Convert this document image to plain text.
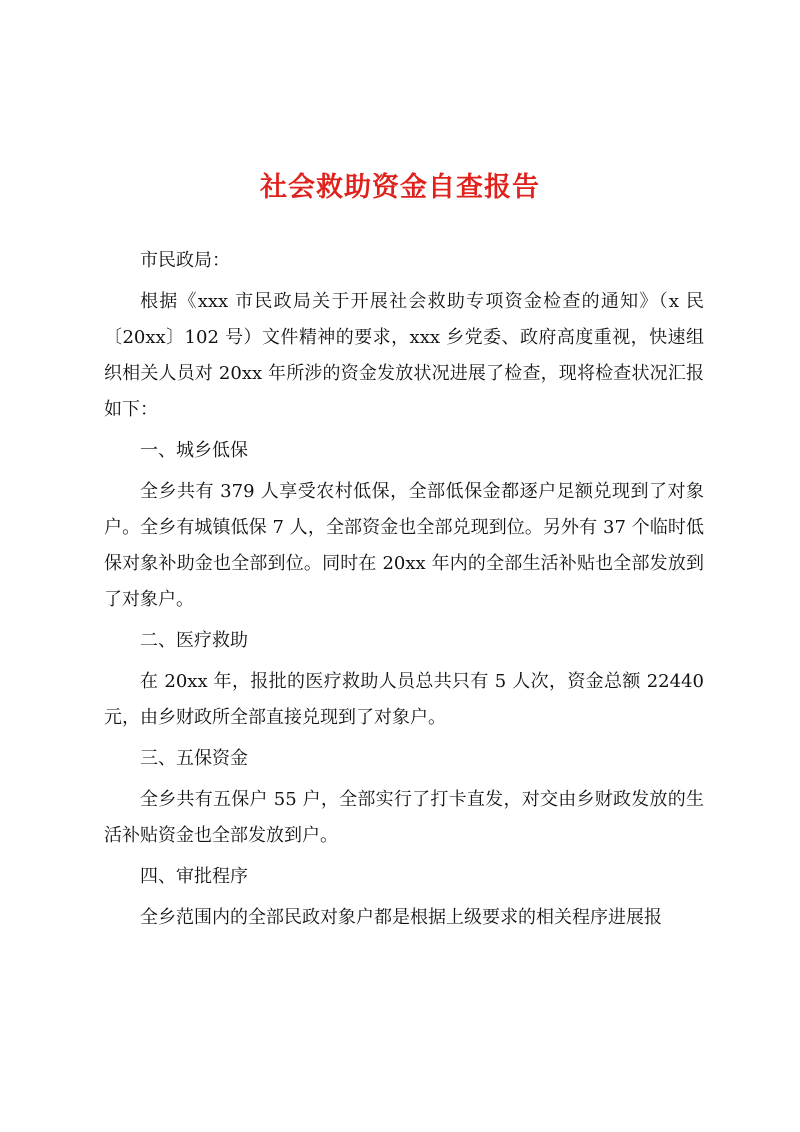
社会救助资金自查报告

市民政局：

根据《xxx 市民政局关于开展社会救助专项资金检查的通知》（x 民〔20xx〕102 号）文件精神的要求，xxx 乡党委、政府高度重视，快速组织相关人员对 20xx 年所涉的资金发放状况进展了检查，现将检查状况汇报如下：

一、城乡低保

全乡共有 379 人享受农村低保，全部低保金都逐户足额兑现到了对象户。全乡有城镇低保 7 人，全部资金也全部兑现到位。另外有 37 个临时低保对象补助金也全部到位。同时在 20xx 年内的全部生活补贴也全部发放到了对象户。

二、医疗救助

在 20xx 年，报批的医疗救助人员总共只有 5 人次，资金总额 22440 元，由乡财政所全部直接兑现到了对象户。

三、五保资金

全乡共有五保户 55 户，全部实行了打卡直发，对交由乡财政发放的生活补贴资金也全部发放到户。

四、审批程序

全乡范围内的全部民政对象户都是根据上级要求的相关程序进展报
